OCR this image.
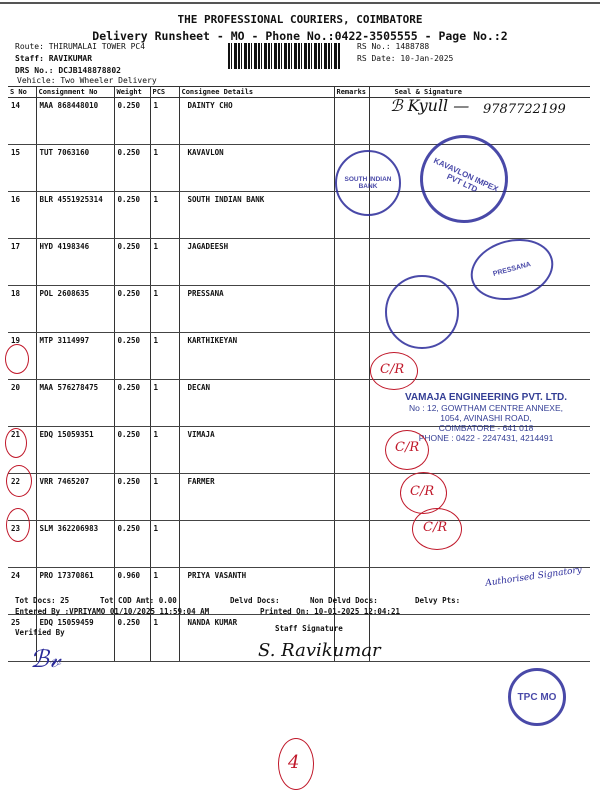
THE PROFESSIONAL COURIERS, COIMBATORE
Delivery Runsheet - MO - Phone No.:0422-3505555 - Page No.:2
Route: THIRUMALAI TOWER PC4
Staff: RAVIKUMAR
DRS No.: DCJB148878802
Vehicle: Two Wheeler Delivery
RS No.: 1488788
RS Date: 10-Jan-2025
S No	Consignment No	Weight	PCS	Consignee Details	Remarks	Seal & Signature
14	MAA 868448010	0.250	1	DAINTY CHO		
15	TUT 7063160	0.250	1	KAVAVLON		
16	BLR 4551925314	0.250	1	SOUTH INDIAN BANK		
17	HYD 4198346	0.250	1	JAGADEESH		
18	POL 2608635	0.250	1	PRESSANA		
19	MTP 3114997	0.250	1	KARTHIKEYAN		
20	MAA 576278475	0.250	1	DECAN		
21	EDQ 15059351	0.250	1	VIMAJA		
22	VRR 7465207	0.250	1	FARMER		
23	SLM 362206983	0.250	1			
24	PRO 17370861	0.960	1	PRIYA VASANTH		
25	EDQ 15059459	0.250	1	NANDA KUMAR		
ℬ Kyull — 9787722199
KAVAVLON IMPEX PVT LTD
SOUTH INDIAN BANK
PRESSANA
VAMAJA ENGINEERING PVT. LTD.
No : 12, GOWTHAM CENTRE ANNEXE,
1054, AVINASHI ROAD,
COIMBATORE - 641 018
PHONE : 0422 - 2247431, 4214491
Authorised Signatory
TPC MO
C/R
C/R
C/R
C/R
4
Tot Docs: 25	Tot COD Amt: 0.00	Delvd Docs:	Non Delvd Docs:	Delvy Pts:
Entered By :VPRIYAMO 01/10/2025 11:59:04 AM	Printed On: 10-01-2025 12:04:21
Verified By	Staff Signature
ℬ𝓋	S. Ravikumar
